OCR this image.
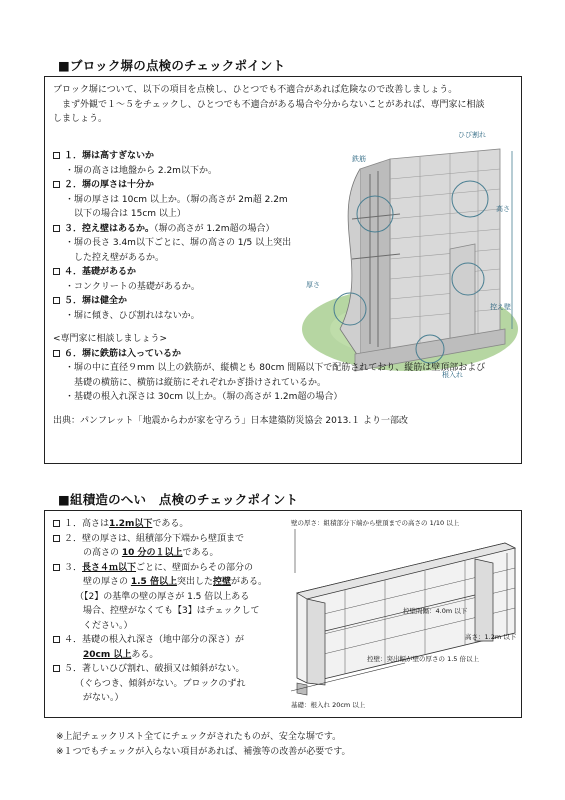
■ブロック塀の点検のチェックポイント
ブロック塀について、以下の項目を点検し、ひとつでも不適合があれば危険なので改善しましょう。
　まず外観で１～５をチェックし、ひとつでも不適合がある場合や分からないことがあれば、専門家に相談
しましょう。
ひび割れ
鉄筋
高さ
厚さ
控え壁
根入れ
１．塀は高すぎないか
・塀の高さは地盤から 2.2m以下か。
２．塀の厚さは十分か
・塀の厚さは 10cm 以上か。（塀の高さが 2m超 2.2m
　以下の場合は 15cm 以上）
３．控え壁はあるか。（塀の高さが 1.2m超の場合）
・塀の長さ 3.4m以下ごとに、塀の高さの 1/5 以上突出
　した控え壁があるか。
４．基礎があるか
・コンクリートの基礎があるか。
５．塀は健全か
・塀に傾き、ひび割れはないか。
<専門家に相談しましょう>
６．塀に鉄筋は入っているか
・塀の中に直径９mm 以上の鉄筋が、縦横とも 80cm 間隔以下で配筋されており、縦筋は壁頂部および
　基礎の横筋に、横筋は縦筋にそれぞれかぎ掛けされているか。
・基礎の根入れ深さは 30cm 以上か。（塀の高さが 1.2m超の場合）
出典：パンフレット「地震からわが家を守ろう」日本建築防災協会 2013.１ より一部改
■組積造のへい　点検のチェックポイント
１．高さは1.2m以下である。
２．壁の厚さは、組積部分下端から壁頂まで
の高さの 10 分の１以上である。
３．長さ４ｍ以下ごとに、壁面からその部分の
壁の厚さの 1.5 倍以上突出した控壁がある。
（【2】の基準の壁の厚さが 1.5 倍以上ある
場合、控壁がなくても【3】はチェックして
ください。）
４．基礎の根入れ深さ（地中部分の深さ）が
20cm 以上ある。
５．著しいひび割れ、破損又は傾斜がない。
（ぐらつき、傾斜がない。ブロックのずれ
がない。）
壁の厚さ：組積部分下端から壁頂までの高さの 1/10 以上
控壁間隔：4.0m 以下
高さ：1.2m 以下
控壁：突出幅が壁の厚さの 1.5 倍以上
基礎：根入れ 20cm 以上
※上記チェックリスト全てにチェックがされたものが、安全な塀です。
※１つでもチェックが入らない項目があれば、補強等の改善が必要です。
